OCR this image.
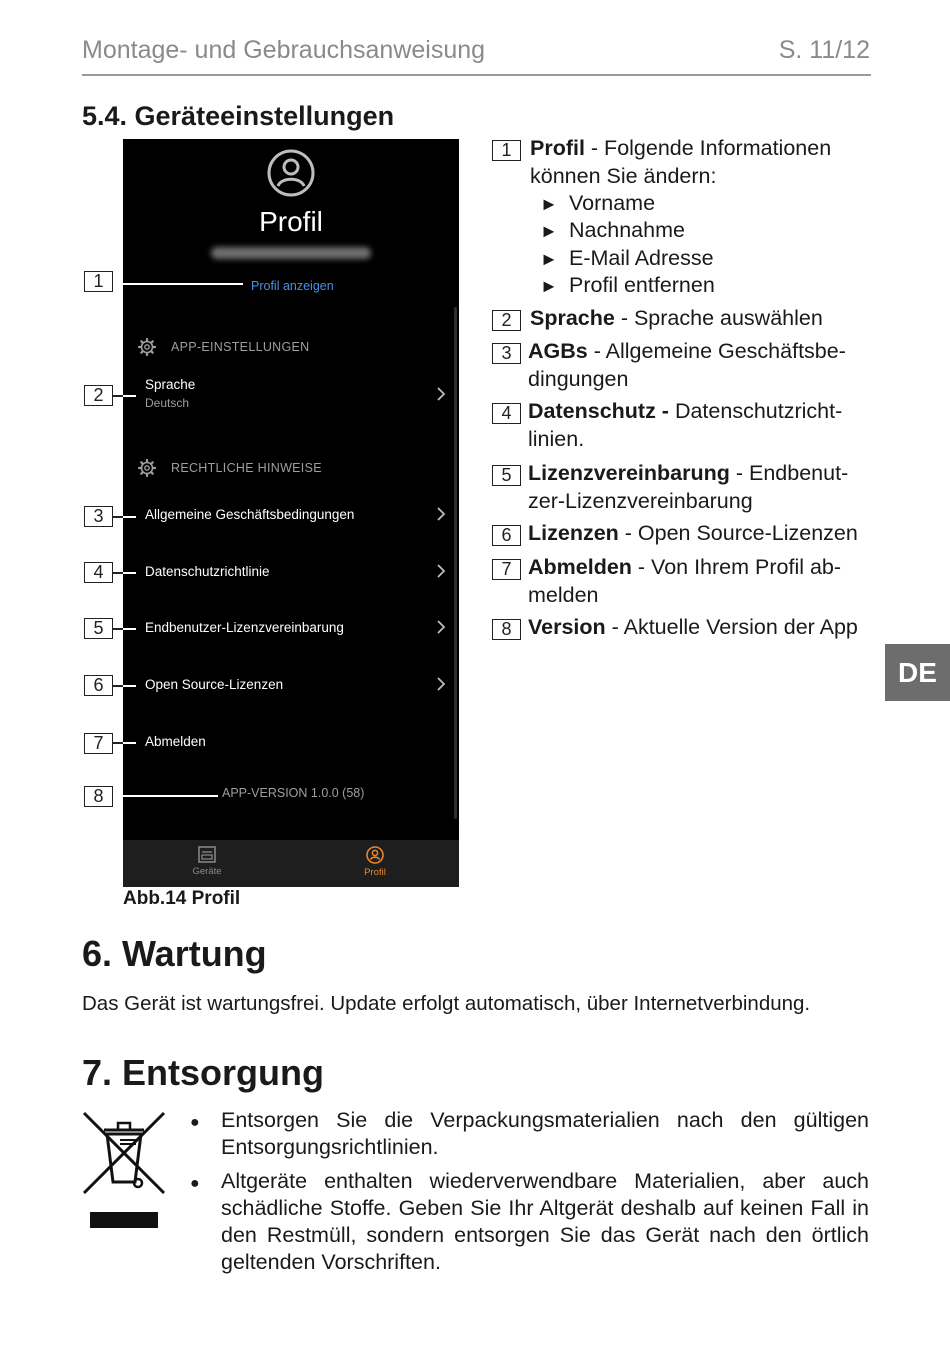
Montage- und Gebrauchsanweisung	S. 11/12
5.4. Geräteeinstellungen
Profil
Profil anzeigen
APP-EINSTELLUNGEN
Sprache
Deutsch
RECHTLICHE HINWEISE
Allgemeine Geschäftsbedingungen
Datenschutzrichtlinie
Endbenutzer-Lizenzvereinbarung
Open Source-Lizenzen
Abmelden
APP-VERSION 1.0.0 (58)
Geräte	Profil
1
2
3
4
5
6
7
8
Abb.14 Profil
1 Profil - Folgende Informationen können Sie ändern:
► Vorname
► Nachnahme
► E-Mail Adresse
► Profil entfernen
2 Sprache - Sprache auswählen
3 AGBs - Allgemeine Geschäftsbe-dingungen
4 Datenschutz - Datenschutzricht-linien.
5 Lizenzvereinbarung - Endbenut-zer-Lizenzvereinbarung
6 Lizenzen - Open Source-Lizenzen
7 Abmelden - Von Ihrem Profil ab-melden
8 Version - Aktuelle Version der App
DE
6. Wartung
Das Gerät ist wartungsfrei. Update erfolgt automatisch, über Internetverbindung.
7. Entsorgung
● Entsorgen Sie die Verpackungsmaterialien nach den gültigen Entsorgungsrichtlinien.
● Altgeräte enthalten wiederverwendbare Materialien, aber auch schädliche Stoffe. Geben Sie Ihr Altgerät deshalb auf keinen Fall in den Restmüll, sondern entsorgen Sie das Gerät nach den örtlich geltenden Vorschriften.
